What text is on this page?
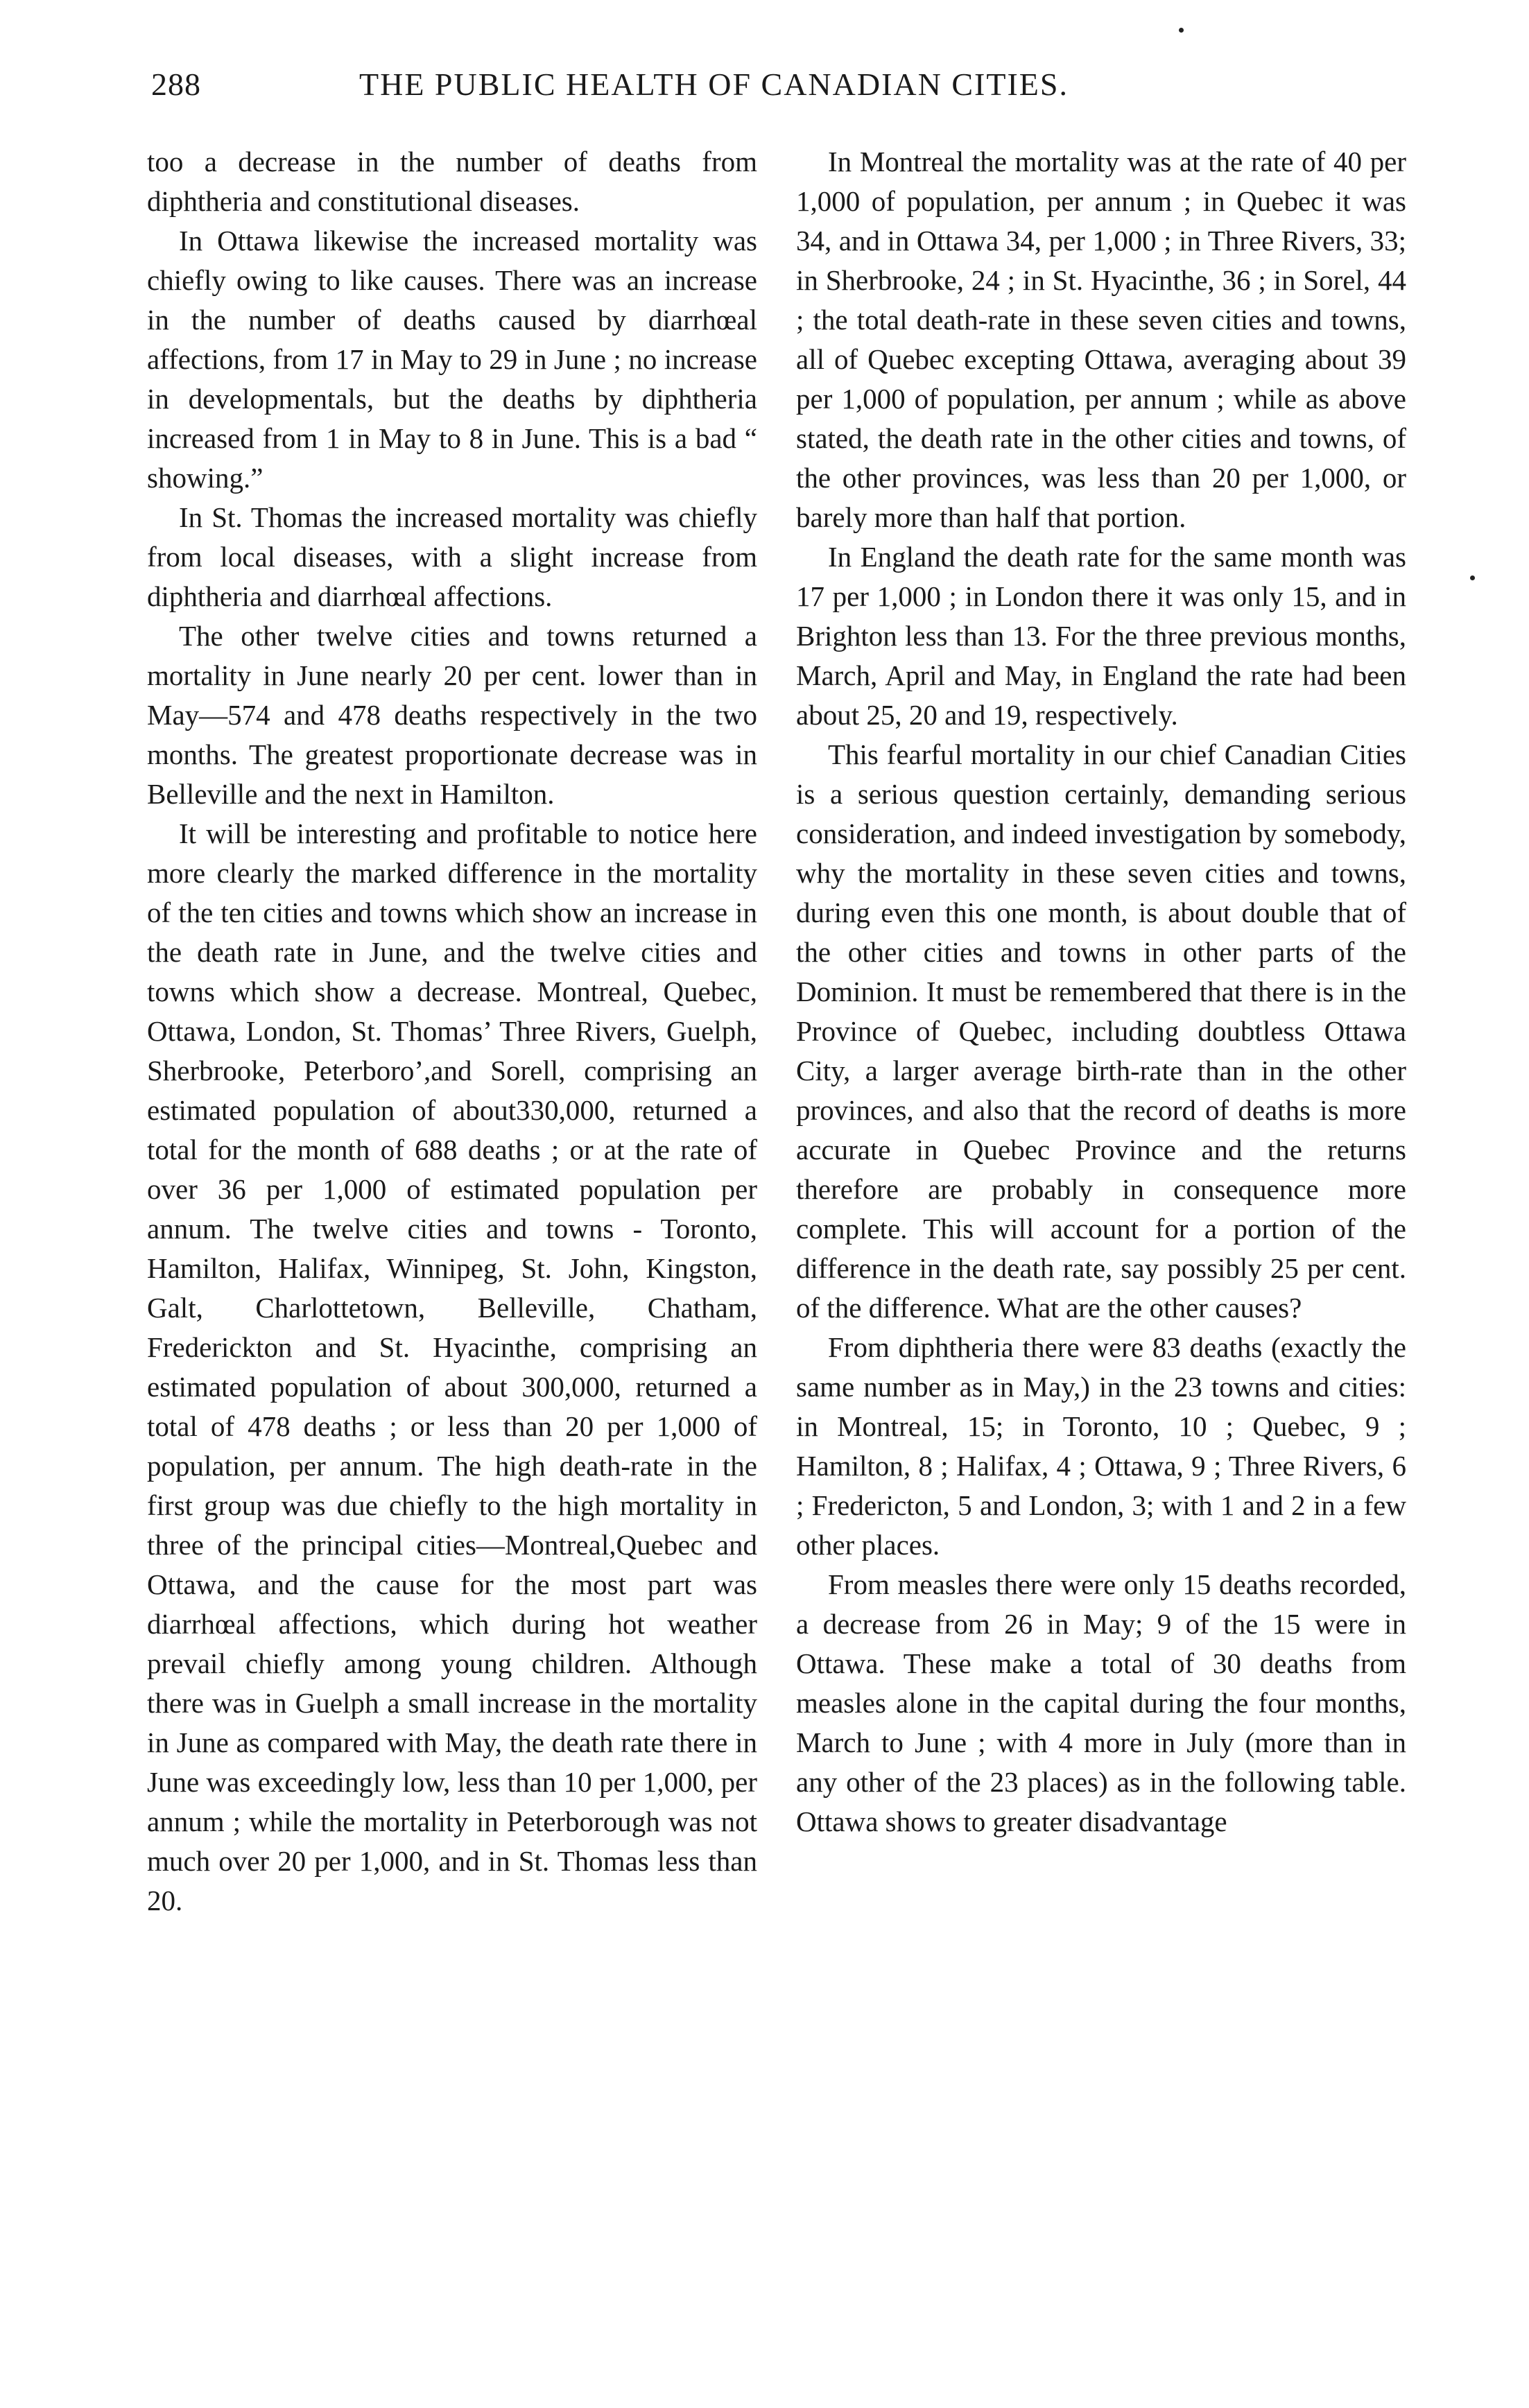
288	THE PUBLIC HEALTH OF CANADIAN CITIES.

too a decrease in the number of deaths from diphtheria and constitutional diseases.

In Ottawa likewise the increased mortality was chiefly owing to like causes. There was an increase in the number of deaths caused by diarrhœal affections, from 17 in May to 29 in June ; no increase in developmentals, but the deaths by diphtheria increased from 1 in May to 8 in June. This is a bad “ showing.”

In St. Thomas the increased mortality was chiefly from local diseases, with a slight increase from diphtheria and diarrhœal affections.

The other twelve cities and towns returned a mortality in June nearly 20 per cent. lower than in May—574 and 478 deaths respectively in the two months. The greatest proportionate decrease was in Belleville and the next in Hamilton.

It will be interesting and profitable to notice here more clearly the marked difference in the mortality of the ten cities and towns which show an increase in the death rate in June, and the twelve cities and towns which show a decrease. Montreal, Quebec, Ottawa, London, St. Thomas’ Three Rivers, Guelph, Sherbrooke, Peterboro’,and Sorell, comprising an estimated population of about330,000, returned a total for the month of 688 deaths ; or at the rate of over 36 per 1,000 of estimated population per annum. The twelve cities and towns - Toronto, Hamilton, Halifax, Winnipeg, St. John, Kingston, Galt, Charlottetown, Belleville, Chatham, Frederickton and St. Hyacinthe, comprising an estimated population of about 300,000, returned a total of 478 deaths ; or less than 20 per 1,000 of population, per annum. The high death-rate in the first group was due chiefly to the high mortality in three of the principal cities—Montreal,Quebec and Ottawa, and the cause for the most part was diarrhœal affections, which during hot weather prevail chiefly among young children. Although there was in Guelph a small increase in the mortality in June as compared with May, the death rate there in June was exceedingly low, less than 10 per 1,000, per annum ; while the mortality in Peterborough was not much over 20 per 1,000, and in St. Thomas less than 20.

In Montreal the mortality was at the rate of 40 per 1,000 of population, per annum ; in Quebec it was 34, and in Ottawa 34, per 1,000 ; in Three Rivers, 33; in Sherbrooke, 24 ; in St. Hyacinthe, 36 ; in Sorel, 44 ; the total death-rate in these seven cities and towns, all of Quebec excepting Ottawa, averaging about 39 per 1,000 of population, per annum ; while as above stated, the death rate in the other cities and towns, of the other provinces, was less than 20 per 1,000, or barely more than half that portion.

In England the death rate for the same month was 17 per 1,000 ; in London there it was only 15, and in Brighton less than 13. For the three previous months, March, April and May, in England the rate had been about 25, 20 and 19, respectively.

This fearful mortality in our chief Canadian Cities is a serious question certainly, demanding serious consideration, and indeed investigation by somebody, why the mortality in these seven cities and towns, during even this one month, is about double that of the other cities and towns in other parts of the Dominion. It must be remembered that there is in the Province of Quebec, including doubtless Ottawa City, a larger average birth-rate than in the other provinces, and also that the record of deaths is more accurate in Quebec Province and the returns therefore are probably in consequence more complete. This will account for a portion of the difference in the death rate, say possibly 25 per cent. of the difference. What are the other causes?

From diphtheria there were 83 deaths (exactly the same number as in May,) in the 23 towns and cities: in Montreal, 15; in Toronto, 10 ; Quebec, 9 ; Hamilton, 8 ; Halifax, 4 ; Ottawa, 9 ; Three Rivers, 6 ; Fredericton, 5 and London, 3; with 1 and 2 in a few other places.

From measles there were only 15 deaths recorded, a decrease from 26 in May; 9 of the 15 were in Ottawa. These make a total of 30 deaths from measles alone in the capital during the four months, March to June ; with 4 more in July (more than in any other of the 23 places) as in the following table. Ottawa shows to greater disadvantage
